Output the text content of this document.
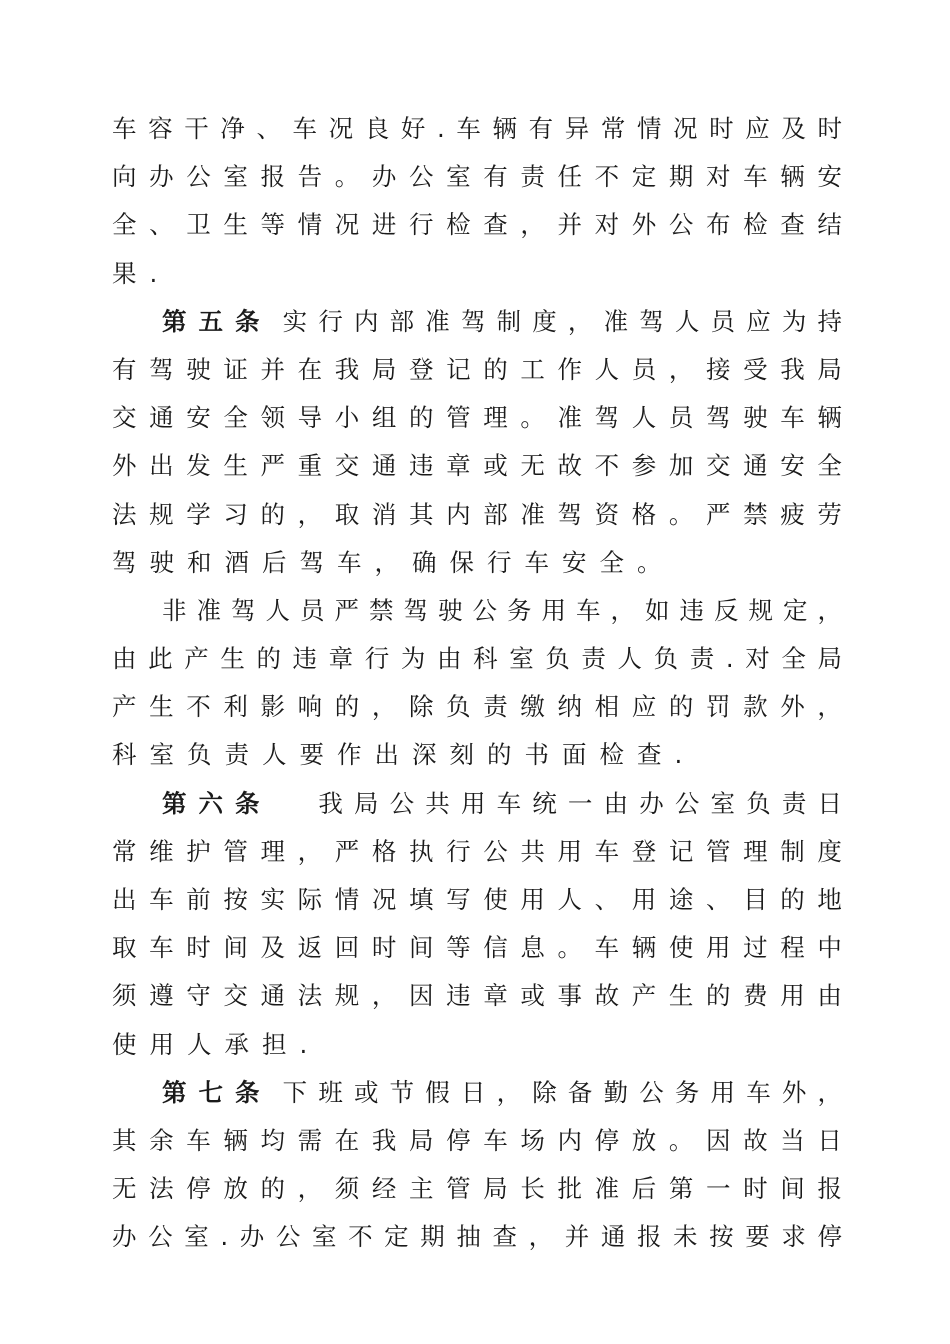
车 容 干 净 、 车 况 良 好 . 车 辆 有 异 常 情 况 时 应 及 时
向 办 公 室 报 告 。 办 公 室 有 责 任 不 定 期 对 车 辆 安
全 、 卫 生 等 情 况 进 行 检 查 ， 并 对 外 公 布 检 查 结
果.
第五条 实 行 内 部 准 驾 制 度 ， 准 驾 人 员 应 为 持
有 驾 驶 证 并 在 我 局 登 记 的 工 作 人 员 ， 接 受 我 局
交 通 安 全 领 导 小 组 的 管 理 。 准 驾 人 员 驾 驶 车 辆
外 出 发 生 严 重 交 通 违 章 或 无 故 不 参 加 交 通 安 全
法 规 学 习 的 ， 取 消 其 内 部 准 驾 资 格 。 严 禁 疲 劳
驾驶和酒后驾车，确保行车安全。
非 准 驾 人 员 严 禁 驾 驶 公 务 用 车 ， 如 违 反 规 定 ，
由 此 产 生 的 违 章 行 为 由 科 室 负 责 人 负 责 . 对 全 局
产 生 不 利 影 响 的 ， 除 负 责 缴 纳 相 应 的 罚 款 外 ，
科室负责人要作出深刻的书面检查.
第六条
　 我 局 公 共 用 车 统 一 由 办 公 室 负 责 日
常 维 护 管 理 ， 严 格 执 行 公 共 用 车 登 记 管 理 制 度
出 车 前 按 实 际 情 况 填 写 使 用 人 、 用 途 、 目 的 地
取 车 时 间 及 返 回 时 间 等 信 息 。 车 辆 使 用 过 程 中
须 遵 守 交 通 法 规 ， 因 违 章 或 事 故 产 生 的 费 用 由
使用人承担.
第七条 下 班 或 节 假 日 ， 除 备 勤 公 务 用 车 外 ，
其 余 车 辆 均 需 在 我 局 停 车 场 内 停 放 。 因 故 当 日
无 法 停 放 的 ， 须 经 主 管 局 长 批 准 后 第 一 时 间 报
办 公 室 . 办 公 室 不 定 期 抽 查 ， 并 通 报 未 按 要 求 停
